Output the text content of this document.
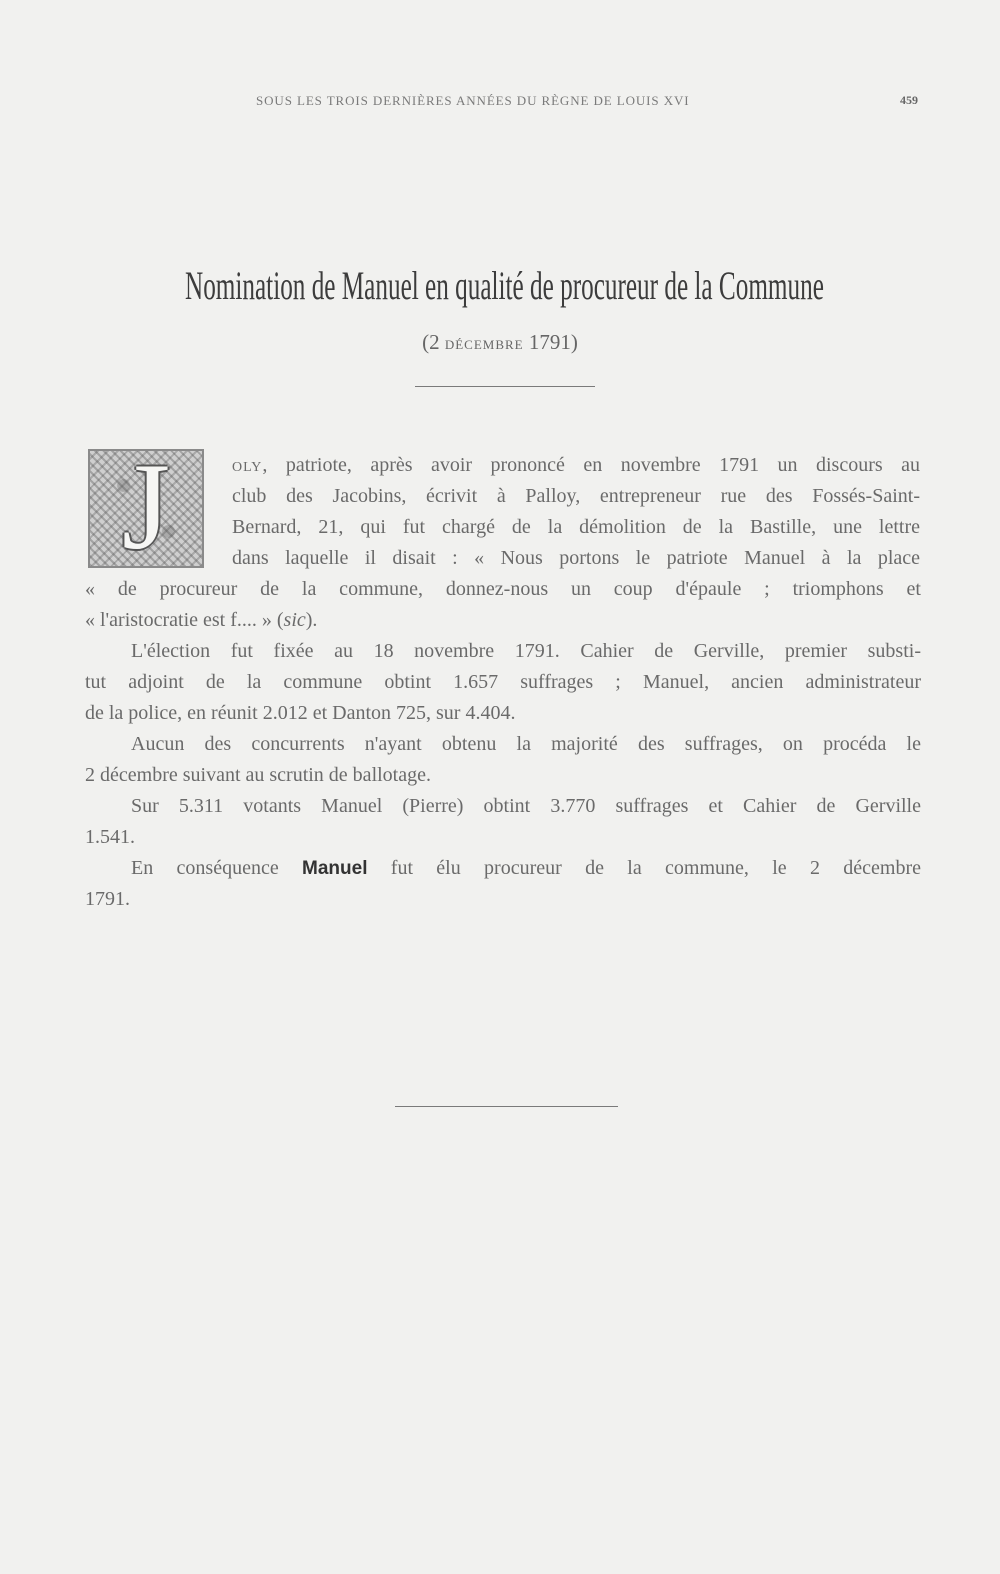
SOUS LES TROIS DERNIÈRES ANNÉES DU RÈGNE DE LOUIS XVI	459
Nomination de Manuel en qualité de procureur de la Commune
(2 DÉCEMBRE 1791)
J	OLY, patriote, après avoir prononcé en novembre 1791 un discours au
club des Jacobins, écrivit à Palloy, entrepreneur rue des Fossés-Saint-
Bernard, 21, qui fut chargé de la démolition de la Bastille, une lettre
dans laquelle il disait : « Nous portons le patriote Manuel à la place
« de procureur de la commune, donnez-nous un coup d'épaule ; triomphons et
« l'aristocratie est f.... » (sic).
L'élection fut fixée au 18 novembre 1791. Cahier de Gerville, premier substi-
tut adjoint de la commune obtint 1.657 suffrages ; Manuel, ancien administrateur
de la police, en réunit 2.012 et Danton 725, sur 4.404.
Aucun des concurrents n'ayant obtenu la majorité des suffrages, on procéda le
2 décembre suivant au scrutin de ballotage.
Sur 5.311 votants Manuel (Pierre) obtint 3.770 suffrages et Cahier de Gerville
1.541.
En conséquence Manuel fut élu procureur de la commune, le 2 décembre
1791.
